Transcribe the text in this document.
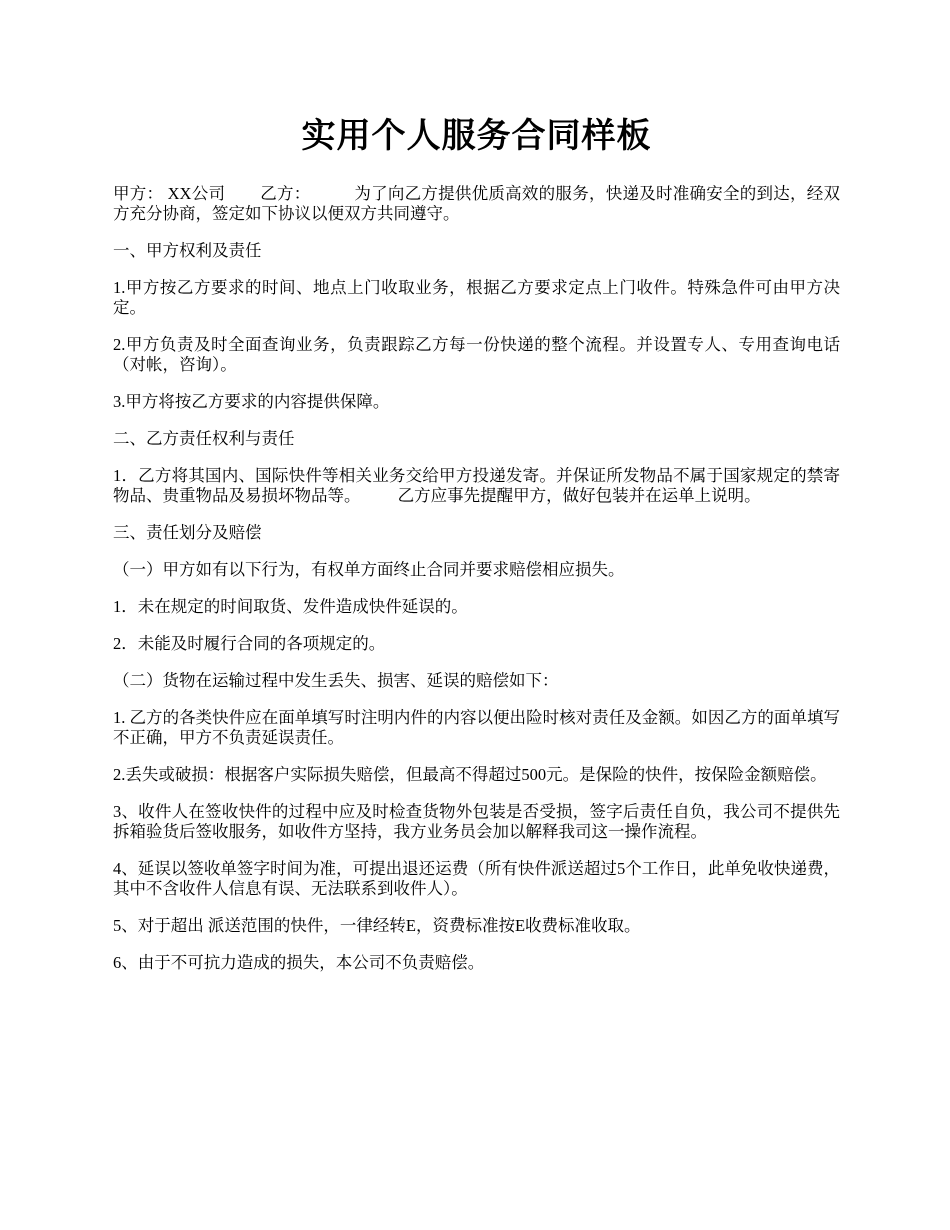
实用个人服务合同样板

甲方： XX公司 乙方：	为了向乙方提供优质高效的服务，快递及时准确安全的到达，经双方充分协商，签定如下协议以便双方共同遵守。

一、甲方权利及责任

1.甲方按乙方要求的时间、地点上门收取业务，根据乙方要求定点上门收件。特殊急件可由甲方决定。

2.甲方负责及时全面查询业务，负责跟踪乙方每一份快递的整个流程。并设置专人、专用查询电话（对帐，咨询）。

3.甲方将按乙方要求的内容提供保障。

二、乙方责任权利与责任

1．乙方将其国内、国际快件等相关业务交给甲方投递发寄。并保证所发物品不属于国家规定的禁寄物品、贵重物品及易损坏物品等。 乙方应事先提醒甲方，做好包装并在运单上说明。

三、责任划分及赔偿

（一）甲方如有以下行为，有权单方面终止合同并要求赔偿相应损失。

1．未在规定的时间取货、发件造成快件延误的。

2．未能及时履行合同的各项规定的。

（二）货物在运输过程中发生丢失、损害、延误的赔偿如下：

1. 乙方的各类快件应在面单填写时注明内件的内容以便出险时核对责任及金额。如因乙方的面单填写不正确，甲方不负责延误责任。

2.丢失或破损：根据客户实际损失赔偿，但最高不得超过500元。是保险的快件，按保险金额赔偿。

3、收件人在签收快件的过程中应及时检查货物外包装是否受损，签字后责任自负，我公司不提供先拆箱验货后签收服务，如收件方坚持，我方业务员会加以解释我司这一操作流程。

4、延误以签收单签字时间为准，可提出退还运费（所有快件派送超过5个工作日，此单免收快递费，其中不含收件人信息有误、无法联系到收件人）。

5、对于超出 派送范围的快件，一律经转E，资费标准按E收费标准收取。

6、由于不可抗力造成的损失，本公司不负责赔偿。
